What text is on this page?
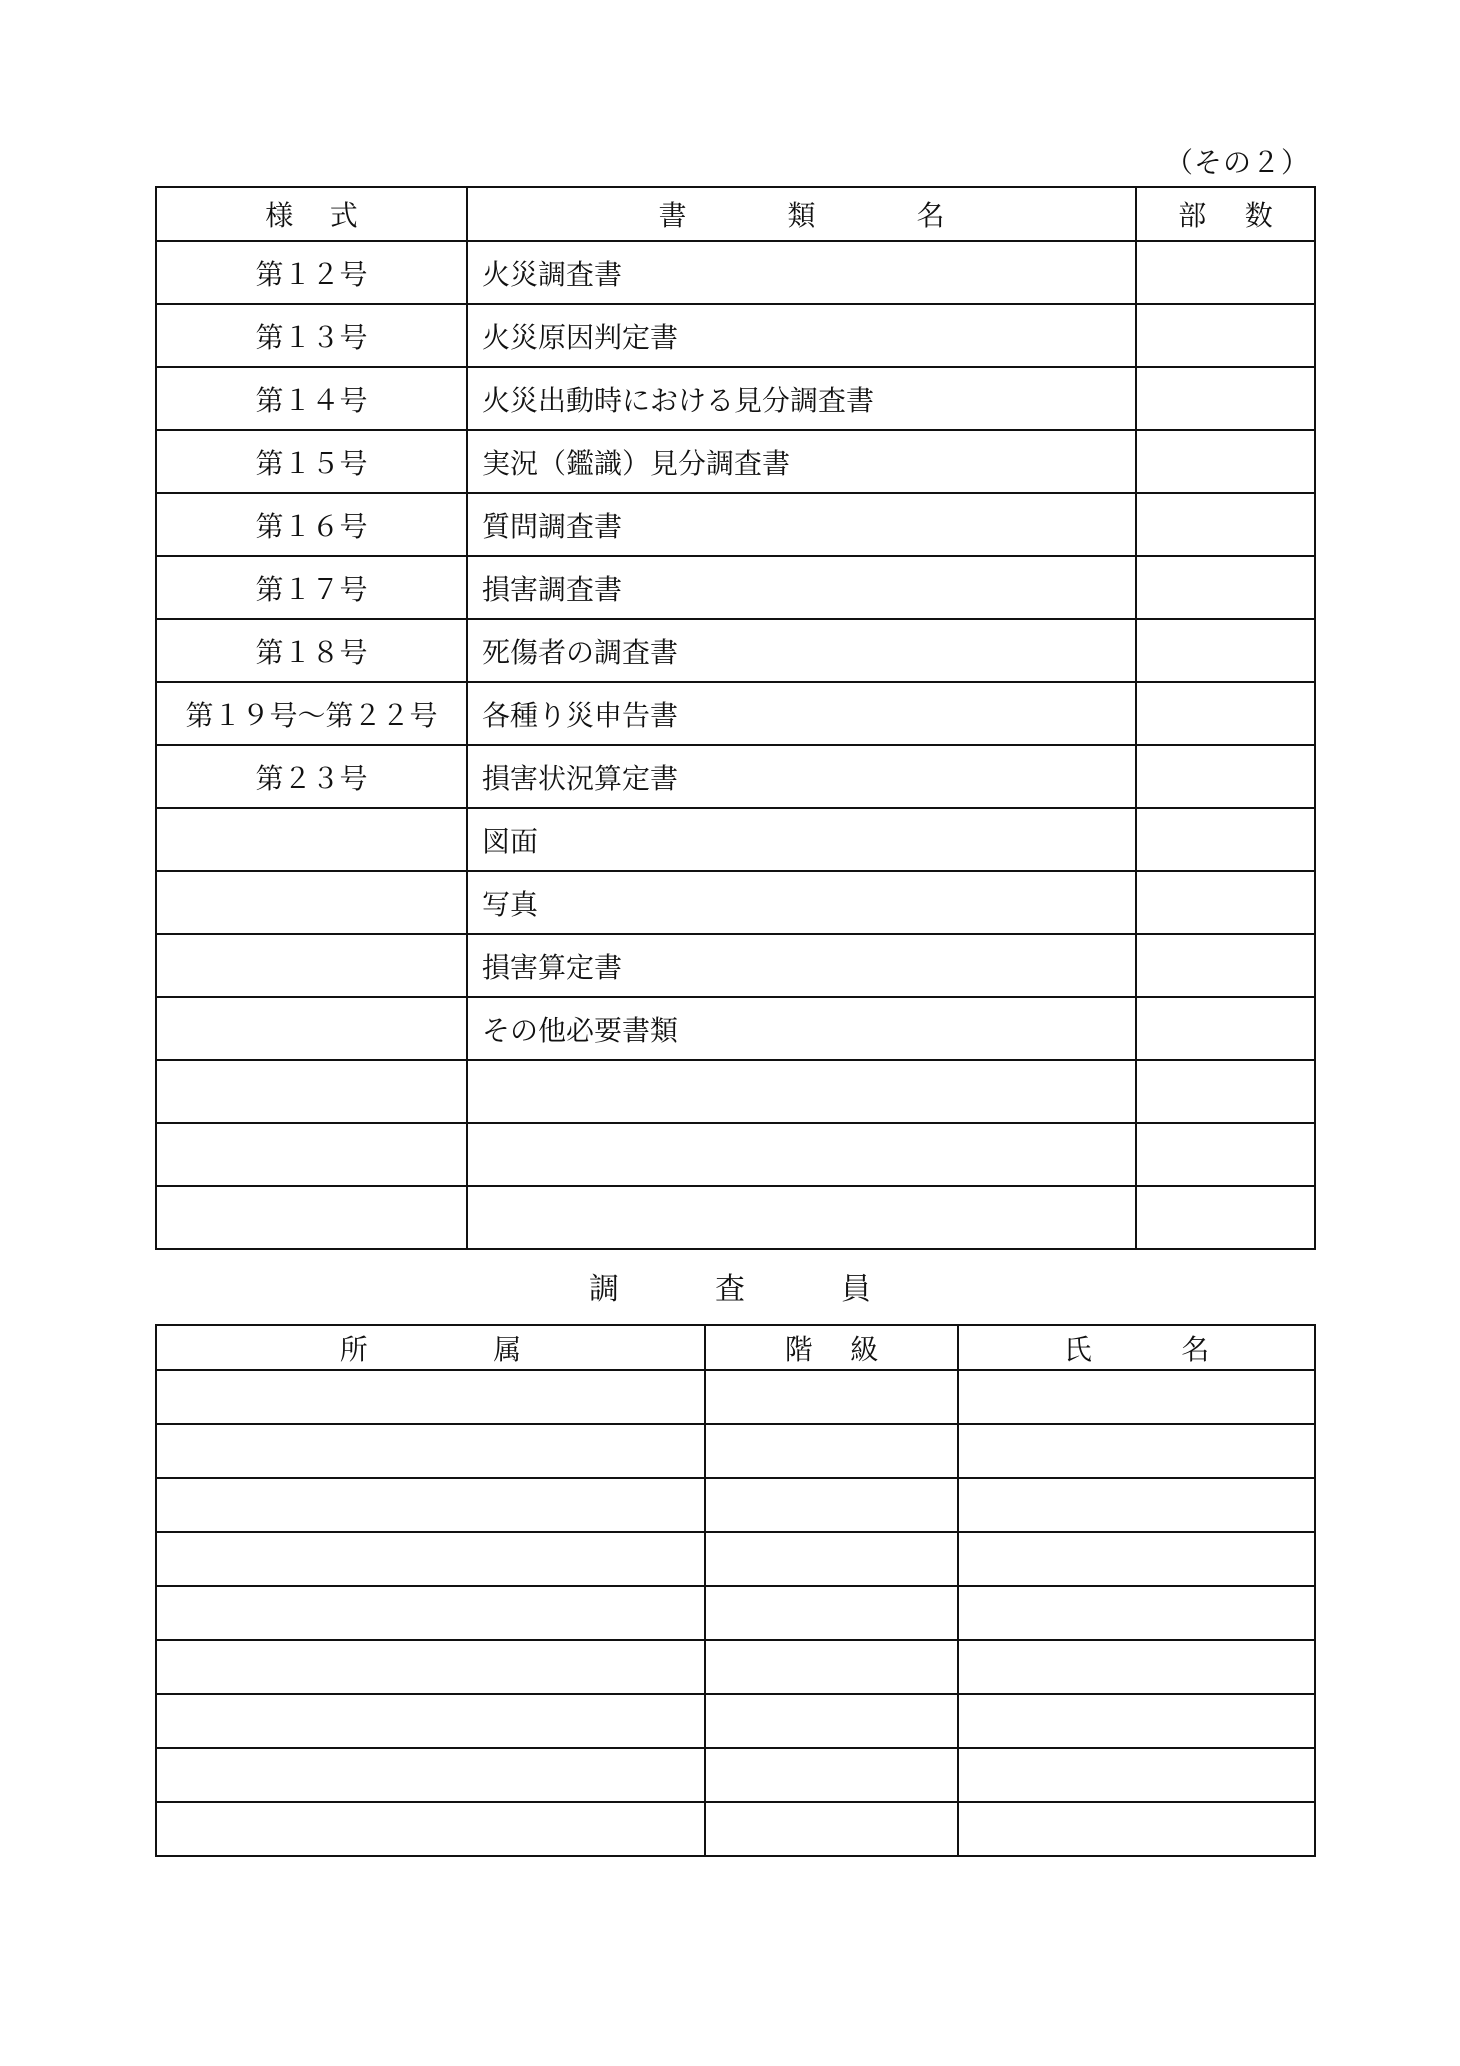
（その２）
様 式	書 類 名	部 数

第１２号	火災調査書	
第１３号	火災原因判定書	
第１４号	火災出動時における見分調査書	
第１５号	実況（鑑識）見分調査書	
第１６号	質問調査書	
第１７号	損害調査書	
第１８号	死傷者の調査書	
第１９号～第２２号	各種り災申告書	
第２３号	損害状況算定書	
	図面	
	写真	
	損害算定書	
	その他必要書類	

調	査	員
所 属	階 級	氏 名
